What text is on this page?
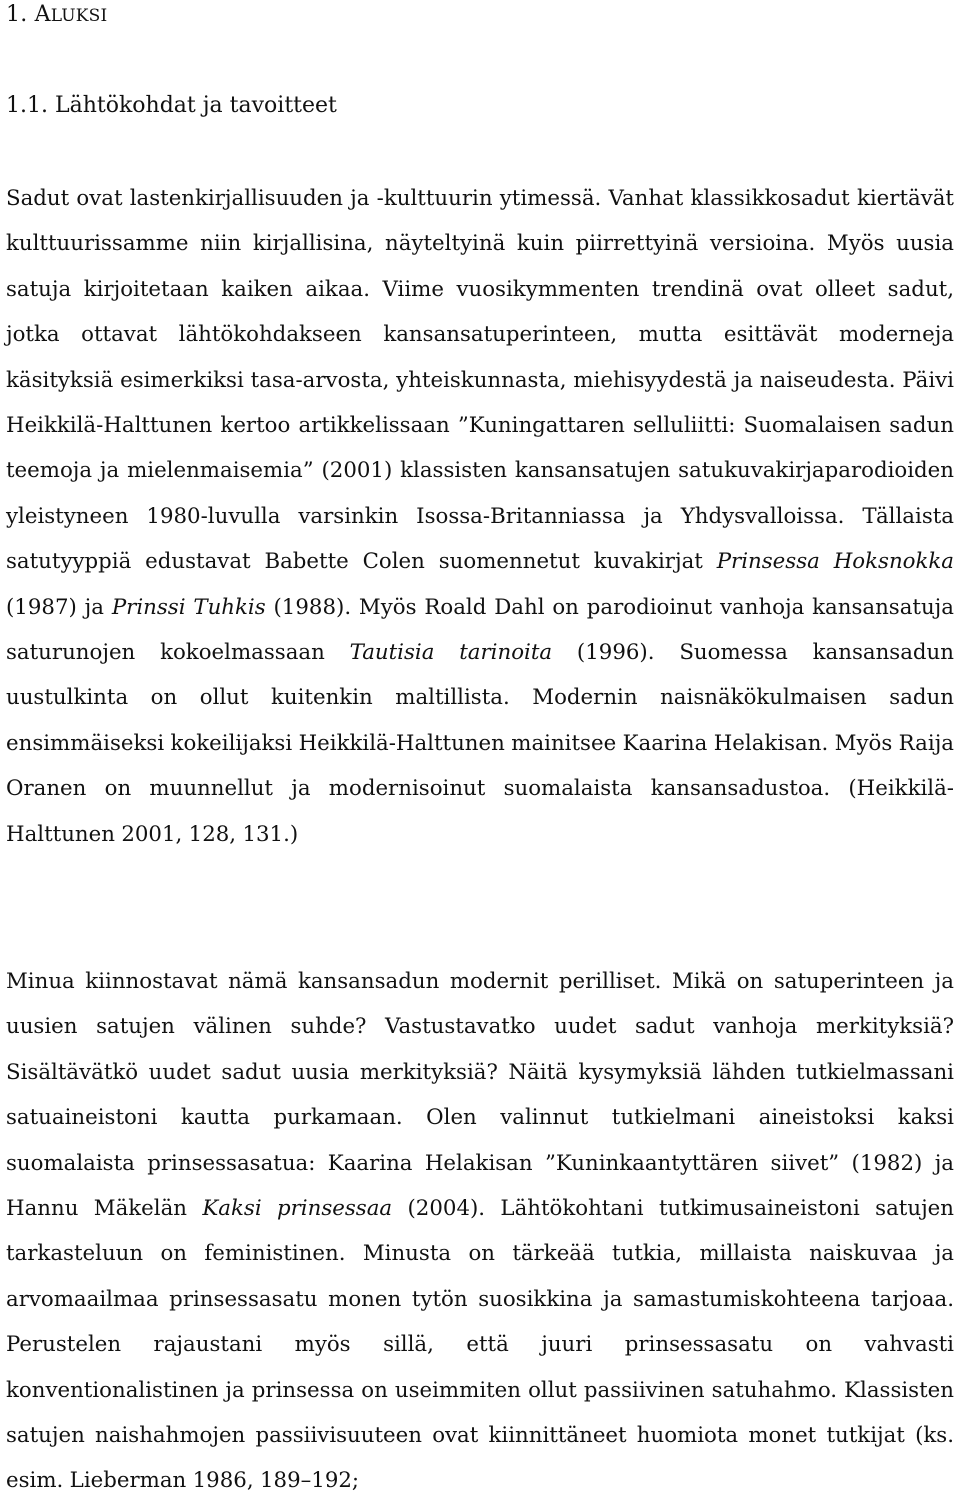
1. ALUKSI
1.1. Lähtökohdat ja tavoitteet

Sadut ovat lastenkirjallisuuden ja -kulttuurin ytimessä. Vanhat klassikkosadut kiertävät kulttuurissamme niin kirjallisina, näyteltyinä kuin piirrettyinä versioina. Myös uusia satuja kirjoitetaan kaiken aikaa. Viime vuosikymmenten trendinä ovat olleet sadut, jotka ottavat lähtökohdakseen kansansatuperinteen, mutta esittävät moderneja käsityksiä esimerkiksi tasa-arvosta, yhteiskunnasta, miehisyydestä ja naiseudesta. Päivi Heikkilä-Halttunen kertoo artikkelissaan ”Kuningattaren selluliitti: Suomalaisen sadun teemoja ja mielenmaisemia” (2001) klassisten kansansatujen satukuvakirjaparodioiden yleistyneen 1980-luvulla varsinkin Isossa-Britanniassa ja Yhdysvalloissa. Tällaista satutyyppiä edustavat Babette Colen suomennetut kuvakirjat Prinsessa Hoksnokka (1987) ja Prinssi Tuhkis (1988). Myös Roald Dahl on parodioinut vanhoja kansansatuja saturunojen kokoelmassaan Tautisia tarinoita (1996). Suomessa kansansadun uustulkinta on ollut kuitenkin maltillista. Modernin naisnäkökulmaisen sadun ensimmäiseksi kokeilijaksi Heikkilä-Halttunen mainitsee Kaarina Helakisan. Myös Raija Oranen on muunnellut ja modernisoinut suomalaista kansansadustoa. (Heikkilä-Halttunen 2001, 128, 131.)

Minua kiinnostavat nämä kansansadun modernit perilliset. Mikä on satuperinteen ja uusien satujen välinen suhde? Vastustavatko uudet sadut vanhoja merkityksiä? Sisältävätkö uudet sadut uusia merkityksiä? Näitä kysymyksiä lähden tutkielmassani satuaineistoni kautta purkamaan. Olen valinnut tutkielmani aineistoksi kaksi suomalaista prinsessasatua: Kaarina Helakisan ”Kuninkaantyttären siivet” (1982) ja Hannu Mäkelän Kaksi prinsessaa (2004). Lähtökohtani tutkimusaineistoni satujen tarkasteluun on feministinen. Minusta on tärkeää tutkia, millaista naiskuvaa ja arvomaailmaa prinsessasatu monen tytön suosikkina ja samastumiskohteena tarjoaa. Perustelen rajaustani myös sillä, että juuri prinsessasatu on vahvasti konventionalistinen ja prinsessa on useimmiten ollut passiivinen satuhahmo. Klassisten satujen naishahmojen passiivisuuteen ovat kiinnittäneet huomiota monet tutkijat (ks. esim. Lieberman 1986, 189–192;
